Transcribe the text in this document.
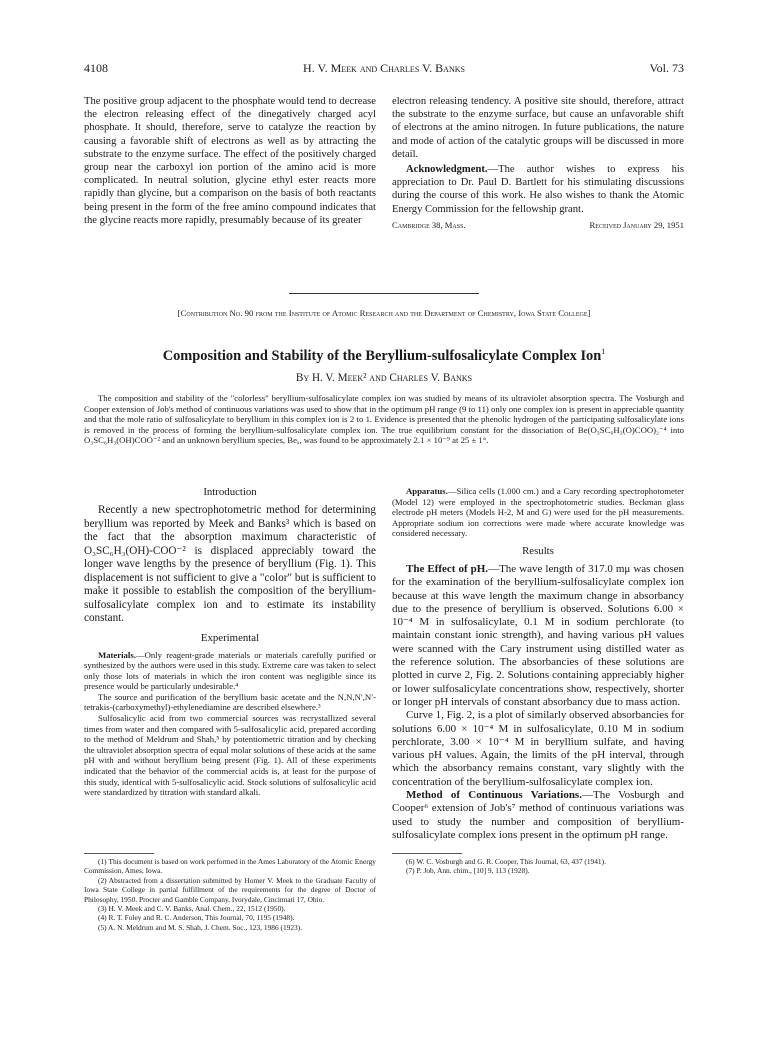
4108	H. V. Meek and Charles V. Banks	Vol. 73

The positive group adjacent to the phosphate would tend to decrease the electron releasing effect of the dinegatively charged acyl phosphate. It should, therefore, serve to catalyze the reaction by causing a favorable shift of electrons as well as by attracting the substrate to the enzyme surface. The effect of the positively charged group near the carboxyl ion portion of the amino acid is more complicated. In neutral solution, glycine ethyl ester reacts more rapidly than glycine, but a comparison on the basis of both reactants being present in the form of the free amino compound indicates that the glycine reacts more rapidly, presumably because of its greater

electron releasing tendency. A positive site should, therefore, attract the substrate to the enzyme surface, but cause an unfavorable shift of electrons at the amino nitrogen. In future publications, the nature and mode of action of the catalytic groups will be discussed in more detail.

Acknowledgment.—The author wishes to express his appreciation to Dr. Paul D. Bartlett for his stimulating discussions during the course of this work. He also wishes to thank the Atomic Energy Commission for the fellowship grant.

Cambridge 38, Mass.	Received January 29, 1951
[Contribution No. 90 from the Institute of Atomic Research and the Department of Chemistry, Iowa State College]
Composition and Stability of the Beryllium-sulfosalicylate Complex Ion$^1$
By H. V. Meek² and Charles V. Banks

The composition and stability of the "colorless" beryllium-sulfosalicylate complex ion was studied by means of its ultraviolet absorption spectra. The Vosburgh and Cooper extension of Job's method of continuous variations was used to show that in the optimum pH range (9 to 11) only one complex ion is present in appreciable quantity and that the mole ratio of sulfosalicylate to beryllium in this complex ion is 2 to 1. Evidence is presented that the phenolic hydrogen of the participating sulfosalicylate ions is removed in the process of forming the beryllium-sulfosalicylate complex ion. The true equilibrium constant for the dissociation of Be(O₃SC₆H₃(O)COO)₂⁻⁴ into O₃SC₆H₃(OH)COO⁻² and an unknown beryllium species, Beₓ, was found to be approximately 2.1 × 10⁻⁹ at 25 ± 1°.

Introduction

Recently a new spectrophotometric method for determining beryllium was reported by Meek and Banks³ which is based on the fact that the absorption maximum characteristic of O₃SC₆H₃(OH)-COO⁻² is displaced appreciably toward the longer wave lengths by the presence of beryllium (Fig. 1). This displacement is not sufficient to give a "color" but is sufficient to make it possible to establish the composition of the beryllium-sulfosalicylate complex ion and to estimate its instability constant.

Experimental

Materials.—Only reagent-grade materials or materials carefully purified or synthesized by the authors were used in this study. Extreme care was taken to select only those lots of materials in which the iron content was negligible since its presence would be particularly undesirable.⁴

The source and purification of the beryllium basic acetate and the N,N,N′,N′-tetrakis-(carboxymethyl)-ethylenediamine are described elsewhere.³

Sulfosalicylic acid from two commercial sources was recrystallized several times from water and then compared with 5-sulfosalicylic acid, prepared according to the method of Meldrum and Shah,⁵ by potentiometric titration and by checking the ultraviolet absorption spectra of equal molar solutions of these acids at the same pH with and without beryllium being present (Fig. 1). All of these experiments indicated that the behavior of the commercial acids is, at least for the purpose of this study, identical with 5-sulfosalicylic acid. Stock solutions of sulfosalicylic acid were standardized by titration with standard alkali.

(1) This document is based on work performed in the Ames Laboratory of the Atomic Energy Commission, Ames, Iowa.

(2) Abstracted from a dissertation submitted by Homer V. Meek to the Graduate Faculty of Iowa State College in partial fulfillment of the requirements for the degree of Doctor of Philosophy, 1950. Procter and Gamble Company, Ivorydale, Cincinnati 17, Ohio.

(3) H. V. Meek and C. V. Banks, Anal. Chem., 22, 1512 (1950).

(4) R. T. Foley and R. C. Anderson, This Journal, 70, 1195 (1948).

(5) A. N. Meldrum and M. S. Shah, J. Chem. Soc., 123, 1986 (1923).

Apparatus.—Silica cells (1.000 cm.) and a Cary recording spectrophotometer (Model 12) were employed in the spectrophotometric studies. Beckman glass electrode pH meters (Models H-2, M and G) were used for the pH measurements. Appropriate sodium ion corrections were made where accurate knowledge was considered necessary.

Results

The Effect of pH.—The wave length of 317.0 mμ was chosen for the examination of the beryllium-sulfosalicylate complex ion because at this wave length the maximum change in absorbancy due to the presence of beryllium is observed. Solutions 6.00 × 10⁻⁴ M in sulfosalicylate, 0.1 M in sodium perchlorate (to maintain constant ionic strength), and having various pH values were scanned with the Cary instrument using distilled water as the reference solution. The absorbancies of these solutions are plotted in curve 2, Fig. 2. Solutions containing appreciably higher or lower sulfosalicylate concentrations show, respectively, shorter or longer pH intervals of constant absorbancy due to mass action.

Curve 1, Fig. 2, is a plot of similarly observed absorbancies for solutions 6.00 × 10⁻⁴ M in sulfosalicylate, 0.10 M in sodium perchlorate, 3.00 × 10⁻⁴ M in beryllium sulfate, and having various pH values. Again, the limits of the pH interval, through which the absorbancy remains constant, vary slightly with the concentration of the beryllium-sulfosalicylate complex ion.

Method of Continuous Variations.—The Vosburgh and Cooper⁶ extension of Job's⁷ method of continuous variations was used to study the number and composition of beryllium-sulfosalicylate complex ions present in the optimum pH range.

(6) W. C. Vosburgh and G. R. Cooper, This Journal, 63, 437 (1941).

(7) P. Job, Ann. chim., [10] 9, 113 (1928).
